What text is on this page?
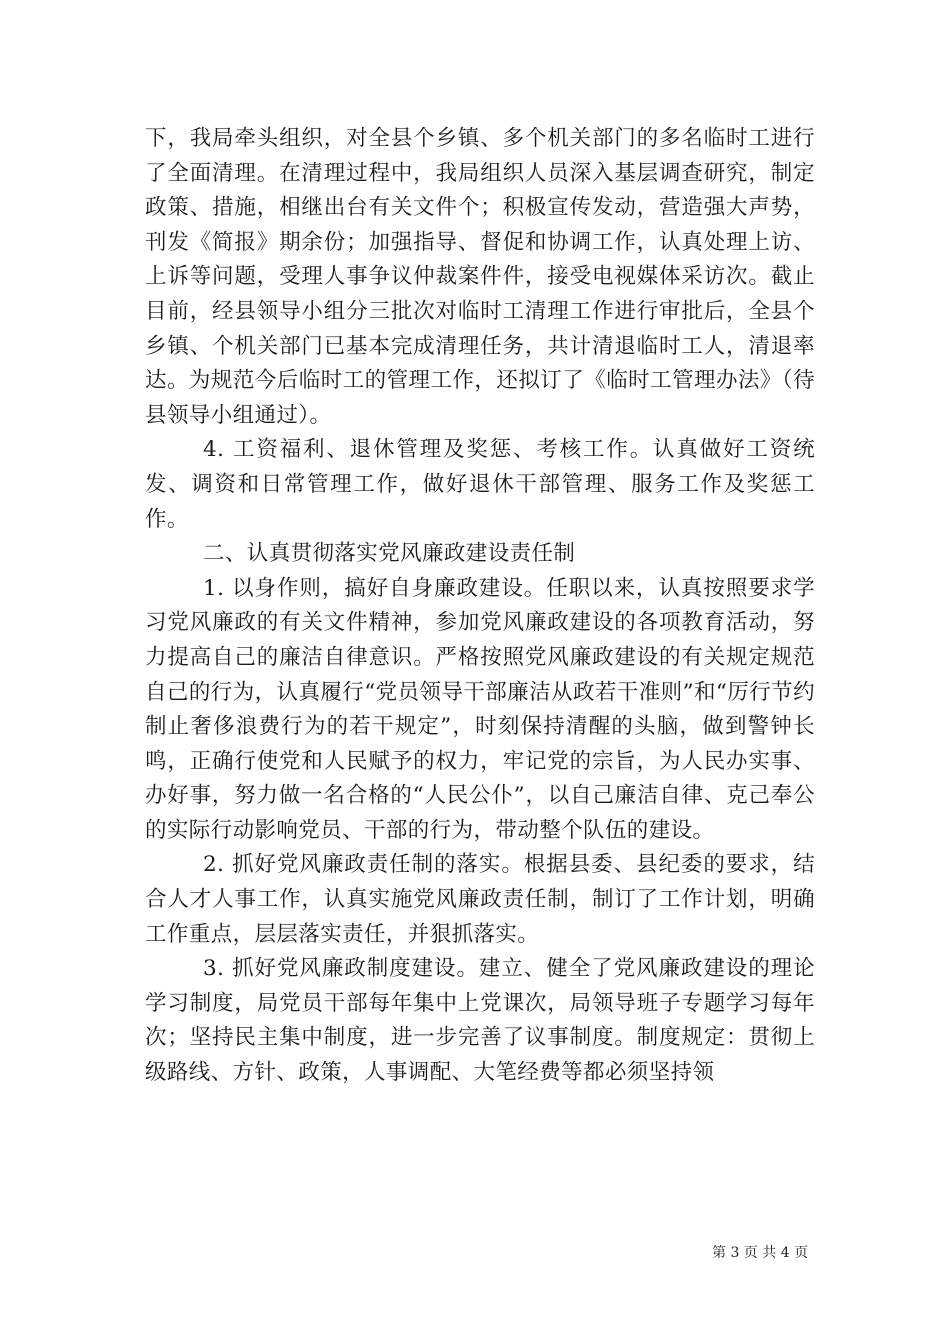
下，我局牵头组织，对全县个乡镇、多个机关部门的多名临时工进行了全面清理。在清理过程中，我局组织人员深入基层调查研究，制定政策、措施，相继出台有关文件个；积极宣传发动，营造强大声势，刊发《简报》期余份；加强指导、督促和协调工作，认真处理上访、上诉等问题，受理人事争议仲裁案件件，接受电视媒体采访次。截止目前，经县领导小组分三批次对临时工清理工作进行审批后，全县个乡镇、个机关部门已基本完成清理任务，共计清退临时工人，清退率达。为规范今后临时工的管理工作，还拟订了《临时工管理办法》（待县领导小组通过）。

4. 工资福利、退休管理及奖惩、考核工作。认真做好工资统发、调资和日常管理工作，做好退休干部管理、服务工作及奖惩工作。

二、认真贯彻落实党风廉政建设责任制

1. 以身作则，搞好自身廉政建设。任职以来，认真按照要求学习党风廉政的有关文件精神，参加党风廉政建设的各项教育活动，努力提高自己的廉洁自律意识。严格按照党风廉政建设的有关规定规范自己的行为，认真履行“党员领导干部廉洁从政若干准则”和“厉行节约制止奢侈浪费行为的若干规定”，时刻保持清醒的头脑，做到警钟长鸣，正确行使党和人民赋予的权力，牢记党的宗旨，为人民办实事、办好事，努力做一名合格的“人民公仆”，以自己廉洁自律、克己奉公的实际行动影响党员、干部的行为，带动整个队伍的建设。

2. 抓好党风廉政责任制的落实。根据县委、县纪委的要求，结合人才人事工作，认真实施党风廉政责任制，制订了工作计划，明确工作重点，层层落实责任，并狠抓落实。

3. 抓好党风廉政制度建设。建立、健全了党风廉政建设的理论学习制度，局党员干部每年集中上党课次，局领导班子专题学习每年次；坚持民主集中制度，进一步完善了议事制度。制度规定：贯彻上级路线、方针、政策，人事调配、大笔经费等都必须坚持领

第 3 页 共 4 页
